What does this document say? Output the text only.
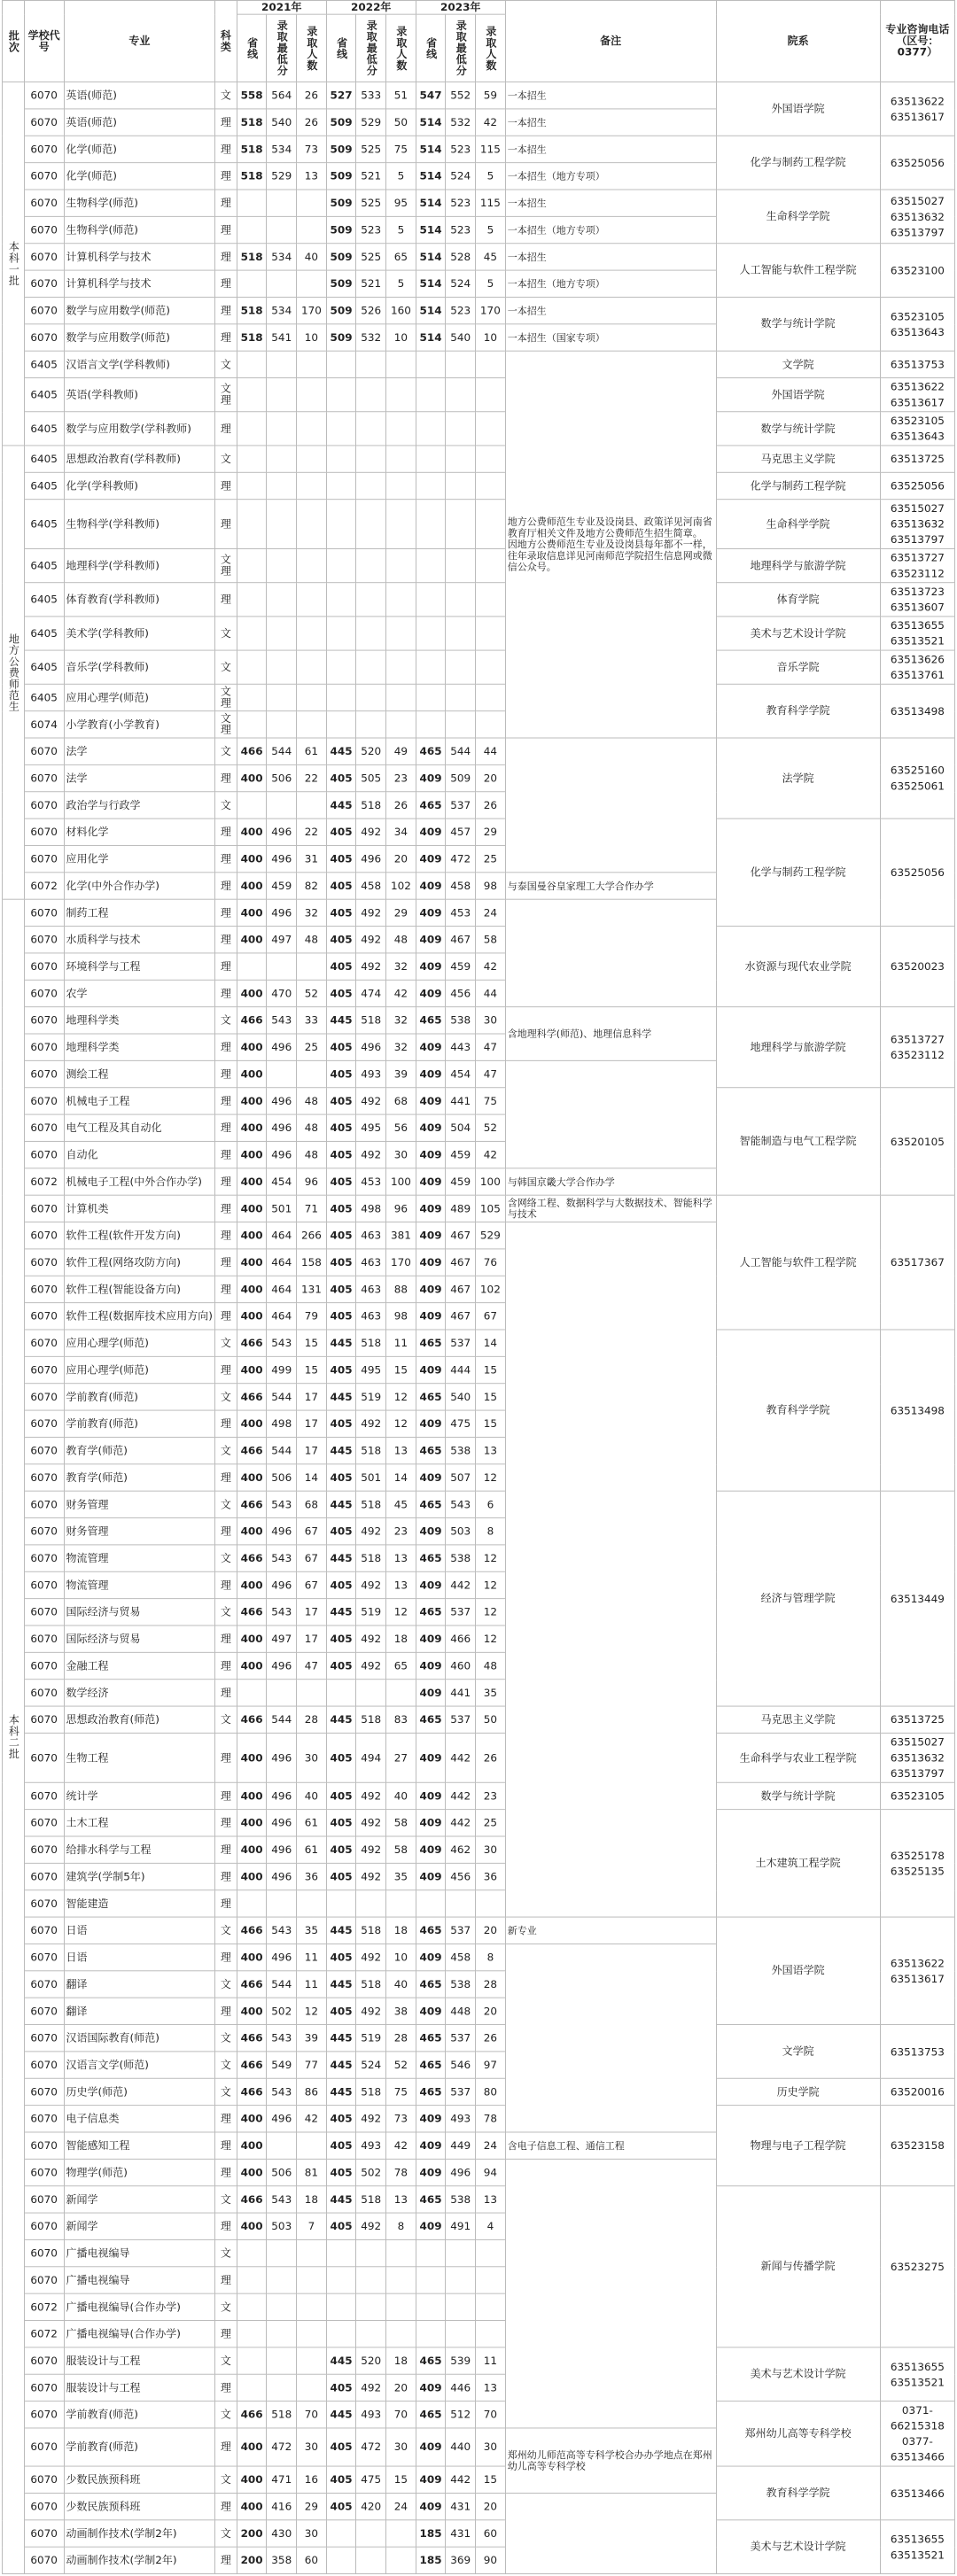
批次	学校代号	专业	科类	2021年			2022年			2023年			备注	院系	专业咨询电话（区号：0377）

				省线	录取最低分	录取人数	省线	录取最低分	录取人数	省线	录取最低分	录取人数			

本科一批	6070	英语(师范)	文	558	564	26	527	533	51	547	552	59	一本招生	外国语学院	63513622
63513617

	6070	英语(师范)	理	518	540	26	509	529	50	514	532	42	一本招生		
	6070	化学(师范)	理	518	534	73	509	525	75	514	523	115	一本招生	化学与制药工程学院	63525056

	6070	化学(师范)	理	518	529	13	509	521	5	514	524	5	一本招生（地方专项）		
	6070	生物科学(师范)	理				509	525	95	514	523	115	一本招生	生命科学学院	63515027
63513632
63513797

	6070	生物科学(师范)	理				509	523	5	514	523	5	一本招生（地方专项）		
	6070	计算机科学与技术	理	518	534	40	509	525	65	514	528	45	一本招生	人工智能与软件工程学院	63523100

	6070	计算机科学与技术	理				509	521	5	514	524	5	一本招生（地方专项）		
	6070	数学与应用数学(师范)	理	518	534	170	509	526	160	514	523	170	一本招生	数学与统计学院	63523105
63513643

	6070	数学与应用数学(师范)	理	518	541	10	509	532	10	514	540	10	一本招生（国家专项）		
	6405	汉语言文学(学科教师)	文										地方公费师范生专业及设岗县、政策详见河南省教育厅相关文件及地方公费师范生招生简章。 因地方公费师范生专业及设岗县每年都不一样，往年录取信息详见河南师范学院招生信息网或微信公众号。	文学院	63513753

	6405	英语(学科教师)	文理											外国语学院	63513622
63513617

	6405	数学与应用数学(学科教师)	理											数学与统计学院	63523105
63513643

地方公费师范生	6405	思想政治教育(学科教师)	文											马克思主义学院	63513725

	6405	化学(学科教师)	理											化学与制药工程学院	63525056

	6405	生物科学(学科教师)	理											生命科学学院	63515027
63513632
63513797

	6405	地理科学(学科教师)	文理											地理科学与旅游学院	63513727
63523112

	6405	体育教育(学科教师)	理											体育学院	63513723
63513607

	6405	美术学(学科教师)	文											美术与艺术设计学院	63513655
63513521

	6405	音乐学(学科教师)	文											音乐学院	63513626
63513761

	6405	应用心理学(师范)	文理											教育科学学院	63513498

	6074	小学教育(小学教育)	文理												
	6070	法学	文	466	544	61	445	520	49	465	544	44		法学院	63525160
63525061

	6070	法学	理	400	506	22	405	505	23	409	509	20			
	6070	政治学与行政学	文				445	518	26	465	537	26			
	6070	材料化学	理	400	496	22	405	492	34	409	457	29		化学与制药工程学院	63525056

	6070	应用化学	理	400	496	31	405	496	20	409	472	25			
	6072	化学(中外合作办学)	理	400	459	82	405	458	102	409	458	98	与泰国曼谷皇家理工大学合作办学		

本科二批	6070	制药工程	理	400	496	32	405	492	29	409	453	24			
	6070	水质科学与技术	理	400	497	48	405	492	48	409	467	58		水资源与现代农业学院	63520023

	6070	环境科学与工程	理				405	492	32	409	459	42			
	6070	农学	理	400	470	52	405	474	42	409	456	44			
	6070	地理科学类	文	466	543	33	445	518	32	465	538	30	含地理科学(师范)、地理信息科学	地理科学与旅游学院	63513727
63523112

	6070	地理科学类	理	400	496	25	405	496	32	409	443	47			
	6070	测绘工程	理	400			405	493	39	409	454	47			
	6070	机械电子工程	理	400	496	48	405	492	68	409	441	75		智能制造与电气工程学院	63520105

	6070	电气工程及其自动化	理	400	496	48	405	495	56	409	504	52			
	6070	自动化	理	400	496	48	405	492	30	409	459	42			
	6072	机械电子工程(中外合作办学)	理	400	454	96	405	453	100	409	459	100	与韩国京畿大学合作办学		
	6070	计算机类	理	400	501	71	405	498	96	409	489	105	含网络工程、数据科学与大数据技术、智能科学与技术	人工智能与软件工程学院	63517367

	6070	软件工程(软件开发方向)	理	400	464	266	405	463	381	409	467	529			
	6070	软件工程(网络攻防方向)	理	400	464	158	405	463	170	409	467	76			
	6070	软件工程(智能设备方向)	理	400	464	131	405	463	88	409	467	102			
	6070	软件工程(数据库技术应用方向)	理	400	464	79	405	463	98	409	467	67			
	6070	应用心理学(师范)	文	466	543	15	445	518	11	465	537	14		教育科学学院	63513498

	6070	应用心理学(师范)	理	400	499	15	405	495	15	409	444	15			
	6070	学前教育(师范)	文	466	544	17	445	519	12	465	540	15			
	6070	学前教育(师范)	理	400	498	17	405	492	12	409	475	15			
	6070	教育学(师范)	文	466	544	17	445	518	13	465	538	13			
	6070	教育学(师范)	理	400	506	14	405	501	14	409	507	12			
	6070	财务管理	文	466	543	68	445	518	45	465	543	6		经济与管理学院	63513449

	6070	财务管理	理	400	496	67	405	492	23	409	503	8			
	6070	物流管理	文	466	543	67	445	518	13	465	538	12			
	6070	物流管理	理	400	496	67	405	492	13	409	442	12			
	6070	国际经济与贸易	文	466	543	17	445	519	12	465	537	12			
	6070	国际经济与贸易	理	400	497	17	405	492	18	409	466	12			
	6070	金融工程	理	400	496	47	405	492	65	409	460	48			
	6070	数学经济	理							409	441	35			
	6070	思想政治教育(师范)	文	466	544	28	445	518	83	465	537	50		马克思主义学院	63513725

	6070	生物工程	理	400	496	30	405	494	27	409	442	26		生命科学与农业工程学院	63515027
63513632
63513797

	6070	统计学	理	400	496	40	405	492	40	409	442	23		数学与统计学院	63523105

	6070	土木工程	理	400	496	61	405	492	58	409	442	25		土木建筑工程学院	63525178
63525135

	6070	给排水科学与工程	理	400	496	61	405	492	58	409	462	30			
	6070	建筑学(学制5年)	理	400	496	36	405	492	35	409	456	36			
	6070	智能建造	理												
	6070	日语	文	466	543	35	445	518	18	465	537	20	新专业	外国语学院	63513622
63513617

	6070	日语	理	400	496	11	405	492	10	409	458	8			
	6070	翻译	文	466	544	11	445	518	40	465	538	28			
	6070	翻译	理	400	502	12	405	492	38	409	448	20			
	6070	汉语国际教育(师范)	文	466	543	39	445	519	28	465	537	26		文学院	63513753

	6070	汉语言文学(师范)	文	466	549	77	445	524	52	465	546	97			
	6070	历史学(师范)	文	466	543	86	445	518	75	465	537	80		历史学院	63520016

	6070	电子信息类	理	400	496	42	405	492	73	409	493	78		物理与电子工程学院	63523158

	6070	智能感知工程	理	400			405	493	42	409	449	24	含电子信息工程、通信工程		
	6070	物理学(师范)	理	400	506	81	405	502	78	409	496	94			
	6070	新闻学	文	466	543	18	445	518	13	465	538	13		新闻与传播学院	63523275

	6070	新闻学	理	400	503	7	405	492	8	409	491	4			
	6070	广播电视编导	文												
	6070	广播电视编导	理												
	6072	广播电视编导(合作办学)	文												
	6072	广播电视编导(合作办学)	理												
	6070	服装设计与工程	文				445	520	18	465	539	11		美术与艺术设计学院	63513655
63513521

	6070	服装设计与工程	理				405	492	20	409	446	13			
	6070	学前教育(师范)	文	466	518	70	445	493	70	465	512	70		郑州幼儿高等专科学校	0371-66215318
0377-63513466

	6070	学前教育(师范)	理	400	472	30	405	472	30	409	440	30	郑州幼儿师范高等专科学校合办办学地点在郑州幼儿高等专科学校		
	6070	少数民族预科班	文	400	471	16	405	475	15	409	442	15		教育科学学院	63513466

	6070	少数民族预科班	理	400	416	29	405	420	24	409	431	20			
	6070	动画制作技术(学制2年)	文	200	430	30				185	431	60		美术与艺术设计学院	63513655
63513521

	6070	动画制作技术(学制2年)	理	200	358	60				185	369	90			
